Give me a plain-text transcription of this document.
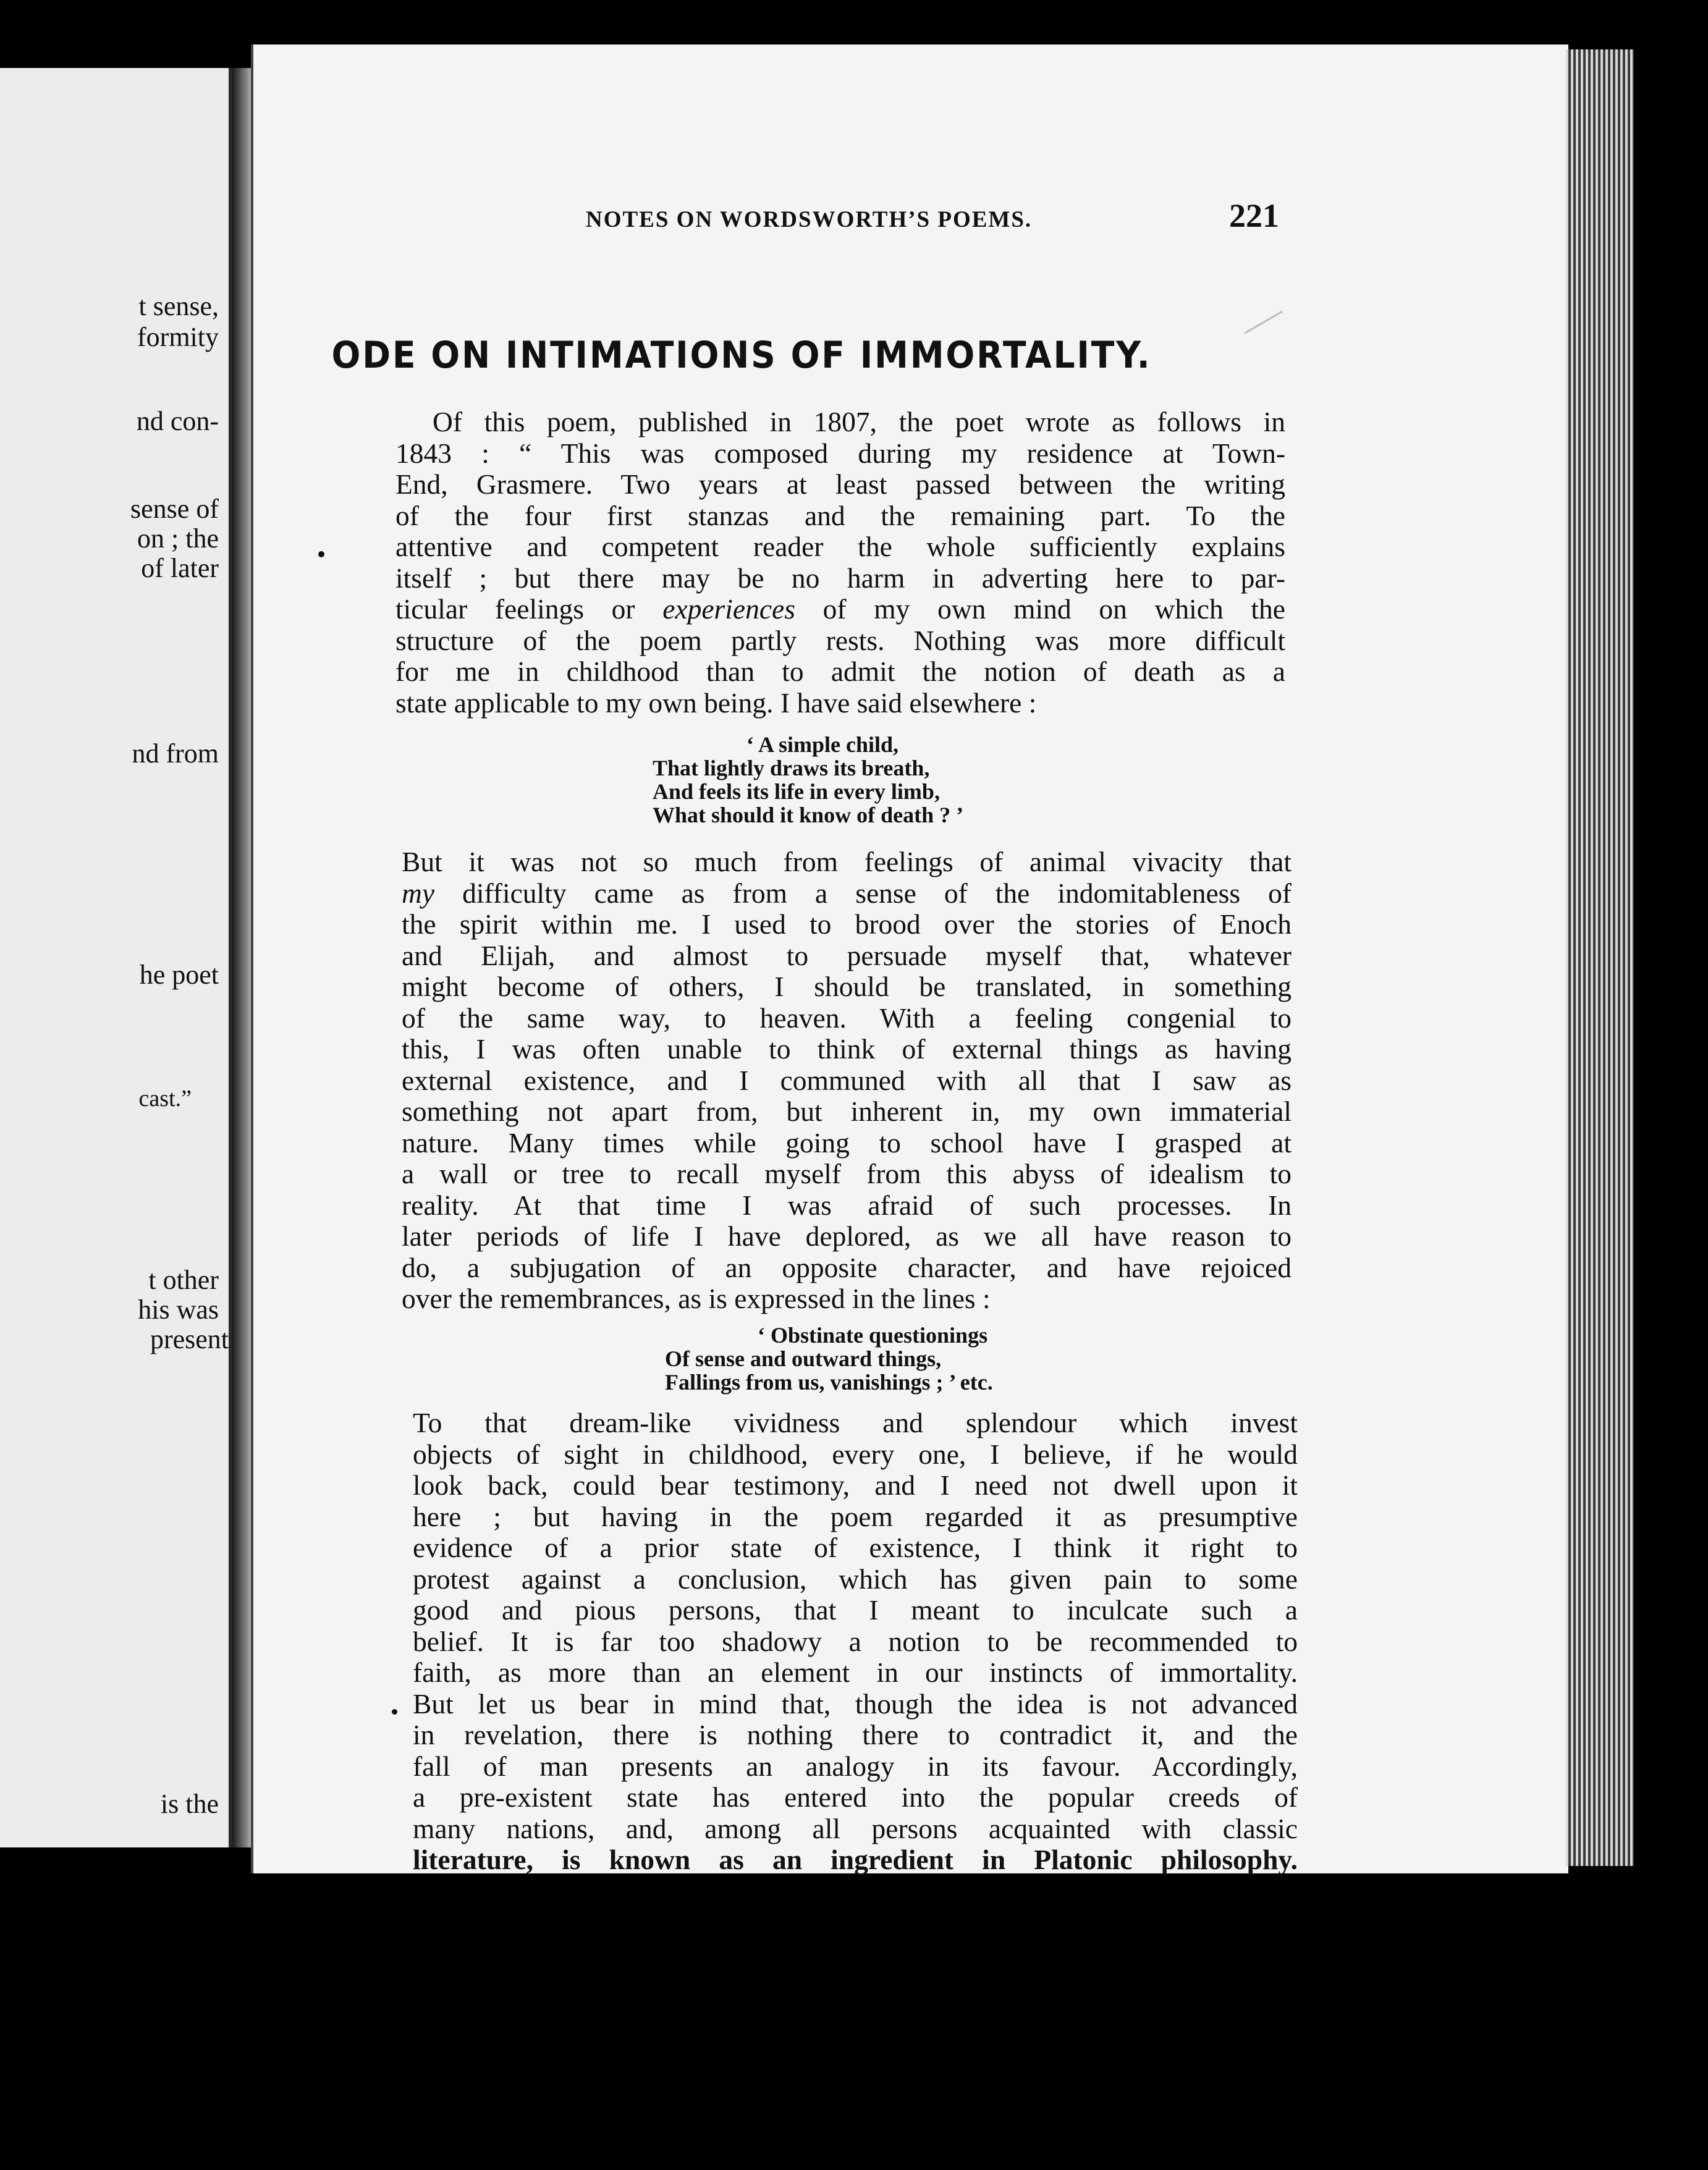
t sense,
formity
nd con-
sense of
on ; the
of later
nd from
he poet
cast.”
t other
his was
present
is the
NOTES ON WORDSWORTH’S POEMS.	221
ODE ON INTIMATIONS OF IMMORTALITY.

Of this poem, published in 1807, the poet wrote as follows in
1843 : “ This was composed during my residence at Town-
End, Grasmere. Two years at least passed between the writing
of the four first stanzas and the remaining part. To the
attentive and competent reader the whole sufficiently explains
itself ; but there may be no harm in adverting here to par-
ticular feelings or experiences of my own mind on which the
structure of the poem partly rests. Nothing was more difficult
for me in childhood than to admit the notion of death as a
state applicable to my own being. I have said elsewhere :

‘ A simple child,
That lightly draws its breath,
And feels its life in every limb,
What should it know of death ? ’

But it was not so much from feelings of animal vivacity that
my difficulty came as from a sense of the indomitableness of
the spirit within me. I used to brood over the stories of Enoch
and Elijah, and almost to persuade myself that, whatever
might become of others, I should be translated, in something
of the same way, to heaven. With a feeling congenial to
this, I was often unable to think of external things as having
external existence, and I communed with all that I saw as
something not apart from, but inherent in, my own immaterial
nature. Many times while going to school have I grasped at
a wall or tree to recall myself from this abyss of idealism to
reality. At that time I was afraid of such processes. In
later periods of life I have deplored, as we all have reason to
do, a subjugation of an opposite character, and have rejoiced
over the remembrances, as is expressed in the lines :

‘ Obstinate questionings
Of sense and outward things,
Fallings from us, vanishings ; ’ etc.

To that dream-like vividness and splendour which invest
objects of sight in childhood, every one, I believe, if he would
look back, could bear testimony, and I need not dwell upon it
here ; but having in the poem regarded it as presumptive
evidence of a prior state of existence, I think it right to
protest against a conclusion, which has given pain to some
good and pious persons, that I meant to inculcate such a
belief. It is far too shadowy a notion to be recommended to
faith, as more than an element in our instincts of immortality.
But let us bear in mind that, though the idea is not advanced
in revelation, there is nothing there to contradict it, and the
fall of man presents an analogy in its favour. Accordingly,
a pre-existent state has entered into the popular creeds of
many nations, and, among all persons acquainted with classic
literature, is known as an ingredient in Platonic philosophy.
